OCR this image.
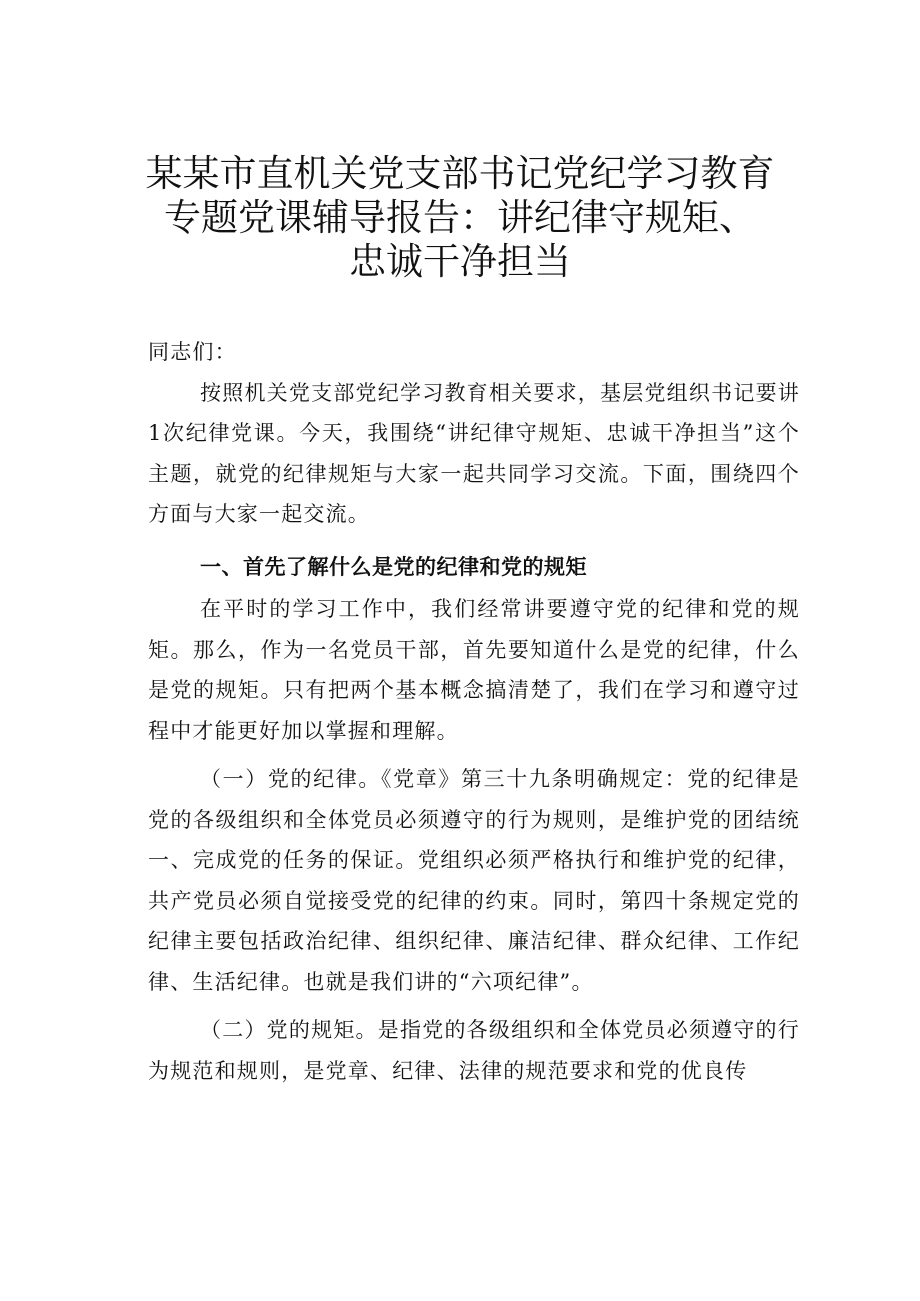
某某市直机关党支部书记党纪学习教育
专题党课辅导报告：讲纪律守规矩、
忠诚干净担当

同志们：

按照机关党支部党纪学习教育相关要求，基层党组织书记要讲1次纪律党课。今天，我围绕“讲纪律守规矩、忠诚干净担当”这个主题，就党的纪律规矩与大家一起共同学习交流。下面，围绕四个方面与大家一起交流。

一、首先了解什么是党的纪律和党的规矩

在平时的学习工作中，我们经常讲要遵守党的纪律和党的规矩。那么，作为一名党员干部，首先要知道什么是党的纪律，什么是党的规矩。只有把两个基本概念搞清楚了，我们在学习和遵守过程中才能更好加以掌握和理解。

（一）党的纪律。《党章》第三十九条明确规定：党的纪律是党的各级组织和全体党员必须遵守的行为规则，是维护党的团结统一、完成党的任务的保证。党组织必须严格执行和维护党的纪律，共产党员必须自觉接受党的纪律的约束。同时，第四十条规定党的纪律主要包括政治纪律、组织纪律、廉洁纪律、群众纪律、工作纪律、生活纪律。也就是我们讲的“六项纪律”。

（二）党的规矩。是指党的各级组织和全体党员必须遵守的行为规范和规则，是党章、纪律、法律的规范要求和党的优良传
